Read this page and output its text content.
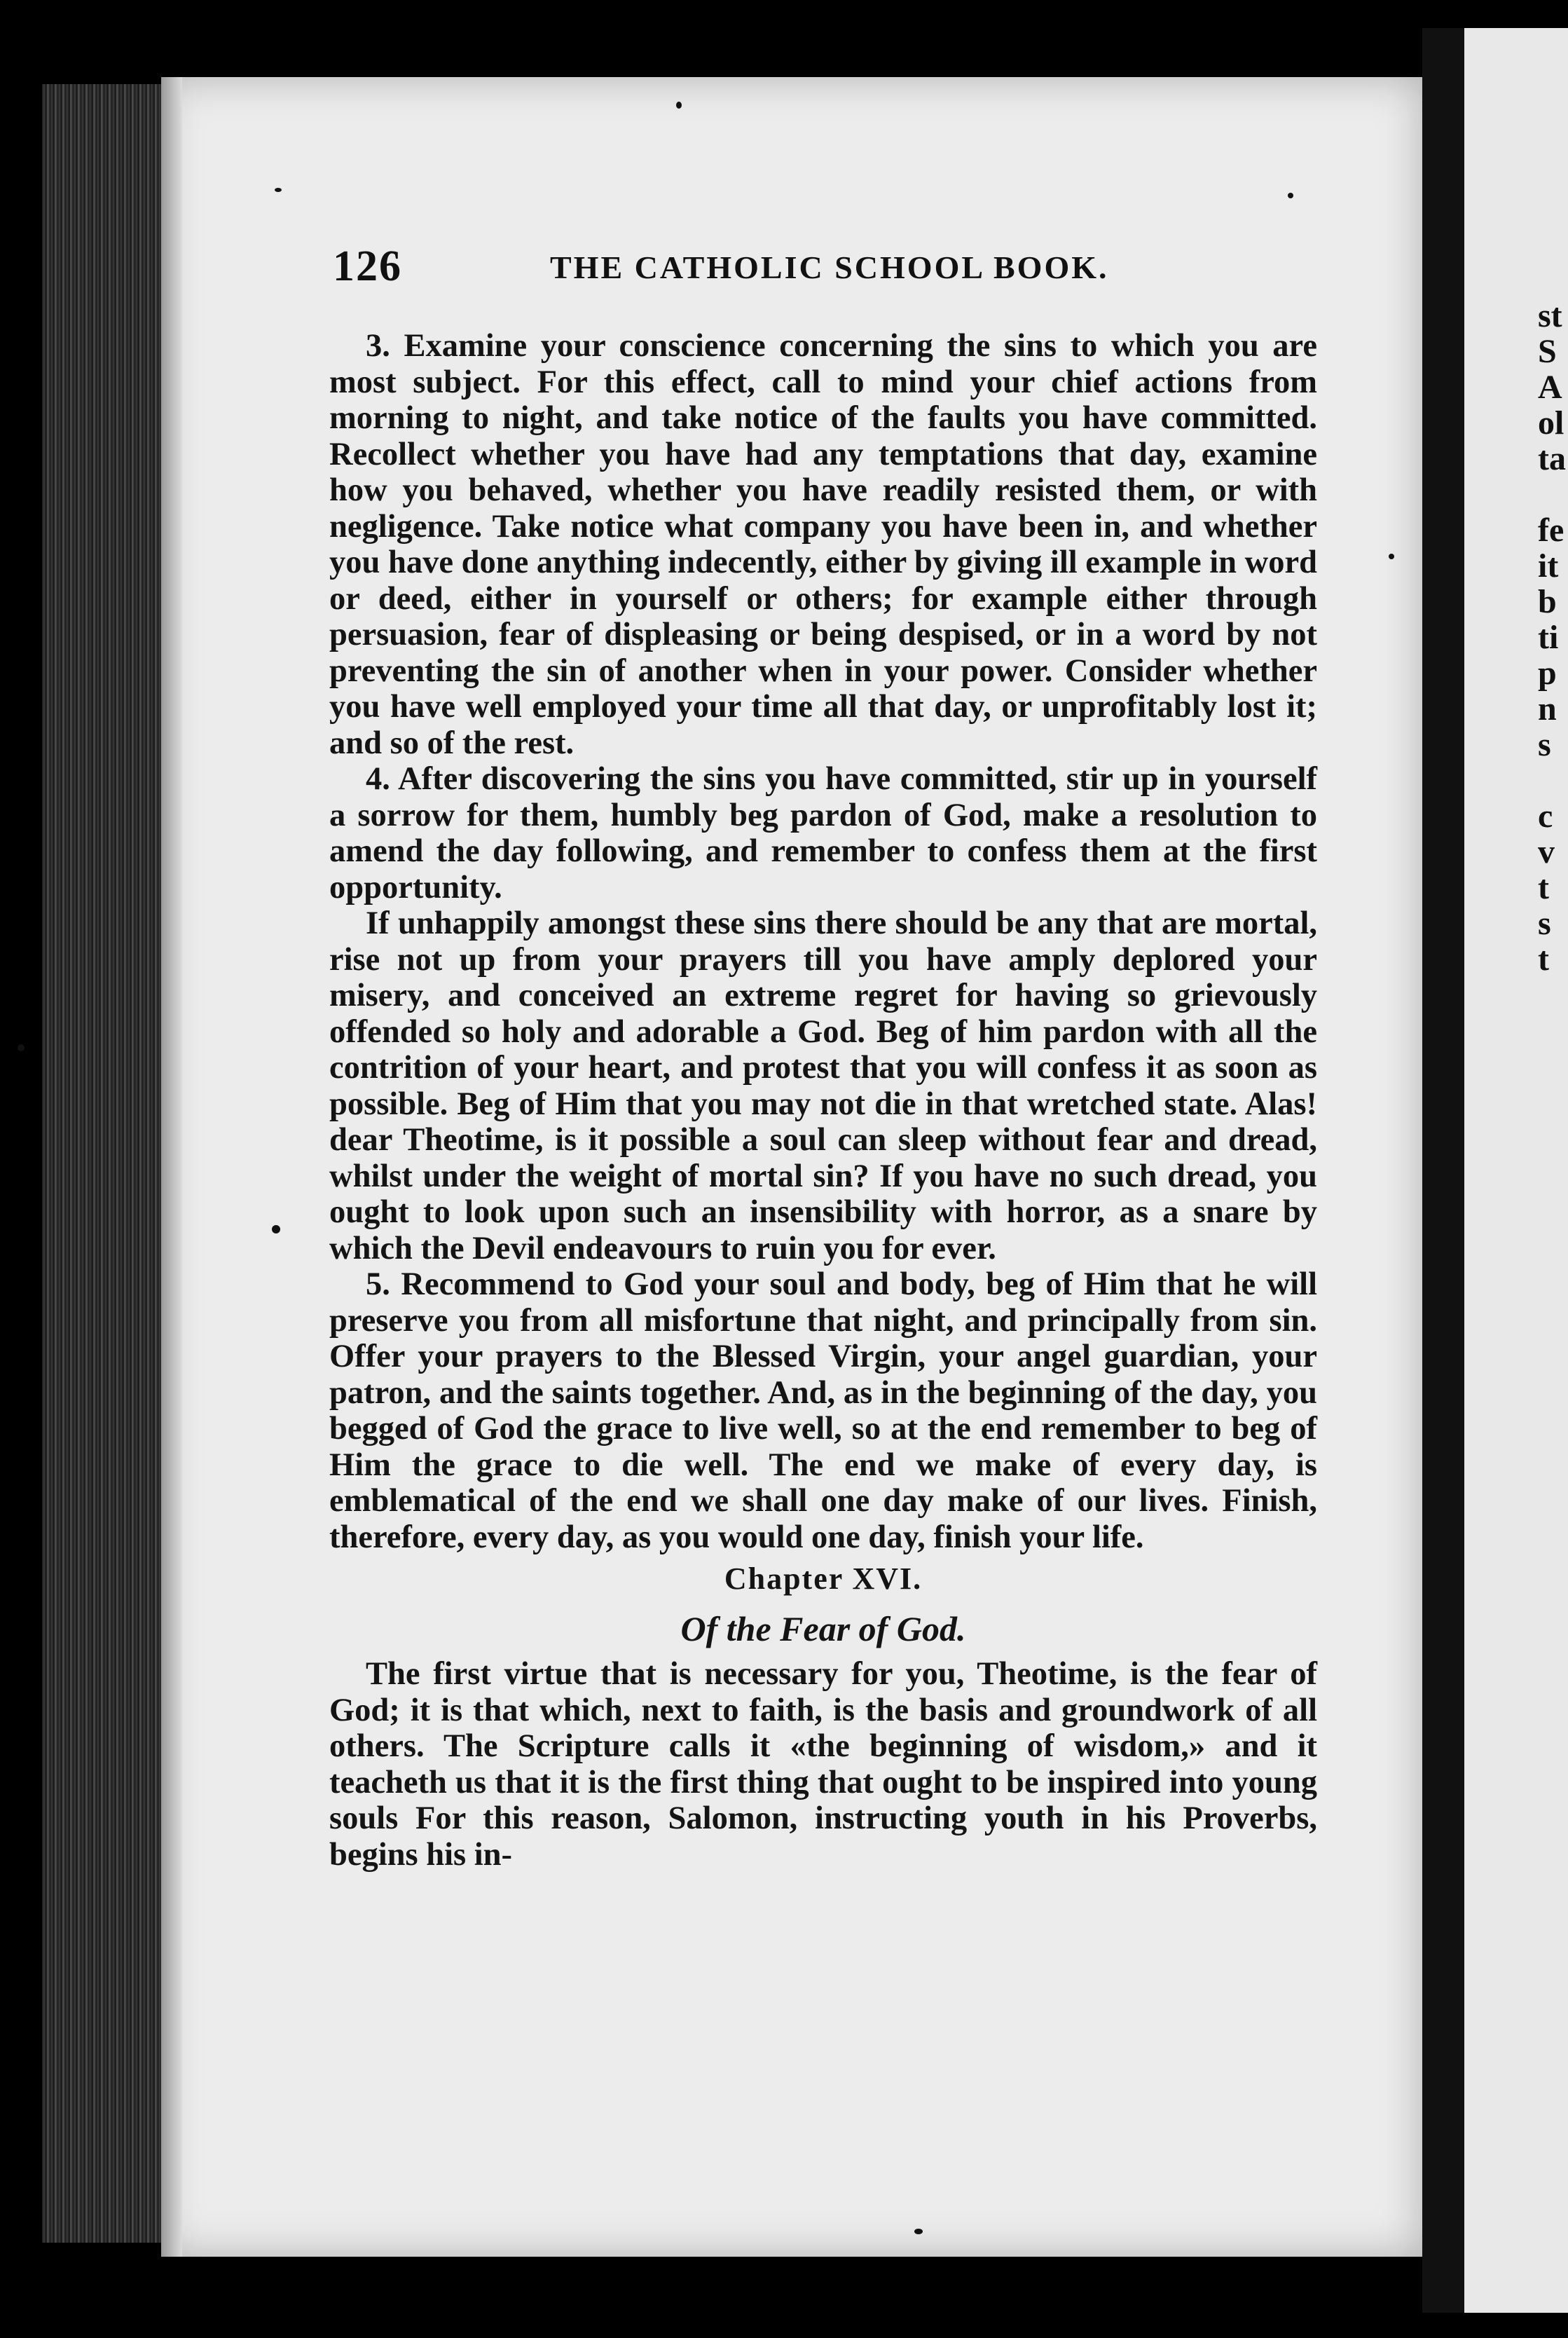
st
S
A
ol
ta
fe
it
b
ti
p
n
s
c
v
t
s
t
126	THE CATHOLIC SCHOOL BOOK.

3. Examine your conscience concerning the sins to which you are most subject. For this effect, call to mind your chief actions from morning to night, and take notice of the faults you have committed. Recollect whether you have had any temptations that day, examine how you behaved, whether you have readily resisted them, or with negligence. Take notice what company you have been in, and whether you have done anything indecently, either by giving ill example in word or deed, either in yourself or others; for example either through persuasion, fear of displeasing or being despised, or in a word by not preventing the sin of another when in your power. Consider whether you have well employed your time all that day, or unprofitably lost it; and so of the rest.

4. After discovering the sins you have committed, stir up in yourself a sorrow for them, humbly beg pardon of God, make a resolution to amend the day following, and remember to confess them at the first opportunity.

If unhappily amongst these sins there should be any that are mortal, rise not up from your prayers till you have amply deplored your misery, and conceived an extreme regret for having so grievously offended so holy and adorable a God. Beg of him pardon with all the contrition of your heart, and protest that you will confess it as soon as possible. Beg of Him that you may not die in that wretched state. Alas! dear Theotime, is it possible a soul can sleep without fear and dread, whilst under the weight of mortal sin? If you have no such dread, you ought to look upon such an insensibility with horror, as a snare by which the Devil endeavours to ruin you for ever.

5. Recommend to God your soul and body, beg of Him that he will preserve you from all misfortune that night, and principally from sin. Offer your prayers to the Blessed Virgin, your angel guardian, your patron, and the saints together. And, as in the beginning of the day, you begged of God the grace to live well, so at the end remember to beg of Him the grace to die well. The end we make of every day, is emblematical of the end we shall one day make of our lives. Finish, therefore, every day, as you would one day, finish your life.

Chapter XVI.
Of the Fear of God.

The first virtue that is necessary for you, Theotime, is the fear of God; it is that which, next to faith, is the basis and groundwork of all others. The Scripture calls it «the beginning of wisdom,» and it teacheth us that it is the first thing that ought to be inspired into young souls For this reason, Salomon, instructing youth in his Proverbs, begins his in-
